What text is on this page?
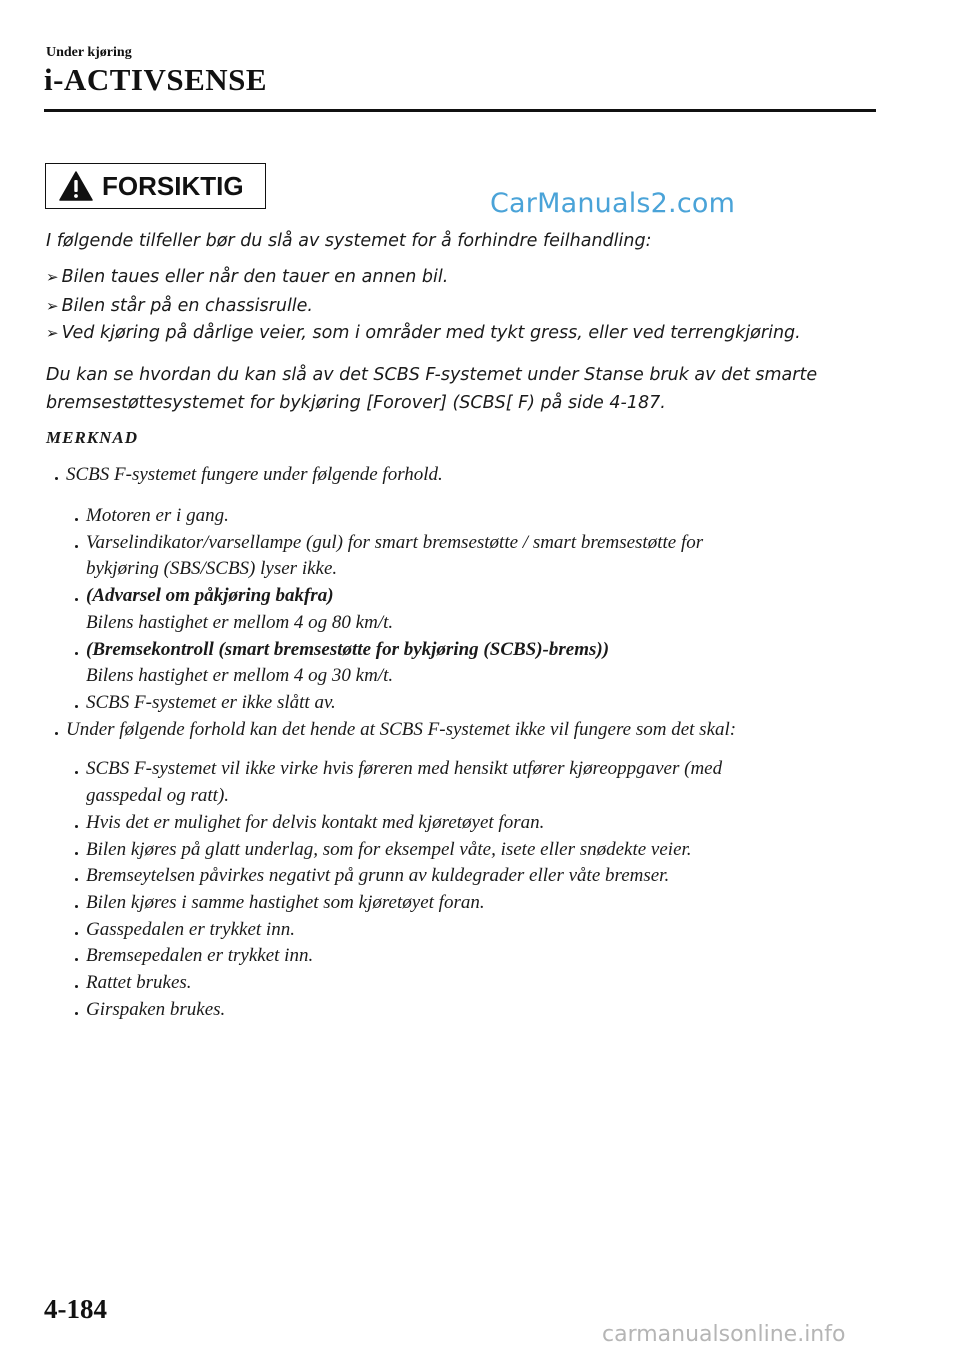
Under kjøring
i-ACTIVSENSE
FORSIKTIG
CarManuals2.com
I følgende tilfeller bør du slå av systemet for å forhindre feilhandling:
➢ Bilen taues eller når den tauer en annen bil.
➢ Bilen står på en chassisrulle.
➢ Ved kjøring på dårlige veier, som i områder med tykt gress, eller ved terrengkjøring.
Du kan se hvordan du kan slå av det SCBS F-systemet under Stanse bruk av det smarte
bremsestøttesystemet for bykjøring [Forover] (SCBS[ F) på side 4-187.
MERKNAD
SCBS F-systemet fungere under følgende forhold.
Motoren er i gang.
Varselindikator/varsellampe (gul) for smart bremsestøtte / smart bremsestøtte for
bykjøring (SBS/SCBS) lyser ikke.
(Advarsel om påkjøring bakfra)
Bilens hastighet er mellom 4 og 80 km/t.
(Bremsekontroll (smart bremsestøtte for bykjøring (SCBS)-brems))
Bilens hastighet er mellom 4 og 30 km/t.
SCBS F-systemet er ikke slått av.
Under følgende forhold kan det hende at SCBS F-systemet ikke vil fungere som det skal:
SCBS F-systemet vil ikke virke hvis føreren med hensikt utfører kjøreoppgaver (med
gasspedal og ratt).
Hvis det er mulighet for delvis kontakt med kjøretøyet foran.
Bilen kjøres på glatt underlag, som for eksempel våte, isete eller snødekte veier.
Bremseytelsen påvirkes negativt på grunn av kuldegrader eller våte bremser.
Bilen kjøres i samme hastighet som kjøretøyet foran.
Gasspedalen er trykket inn.
Bremsepedalen er trykket inn.
Rattet brukes.
Girspaken brukes.
4-184
carmanualsonline.info
